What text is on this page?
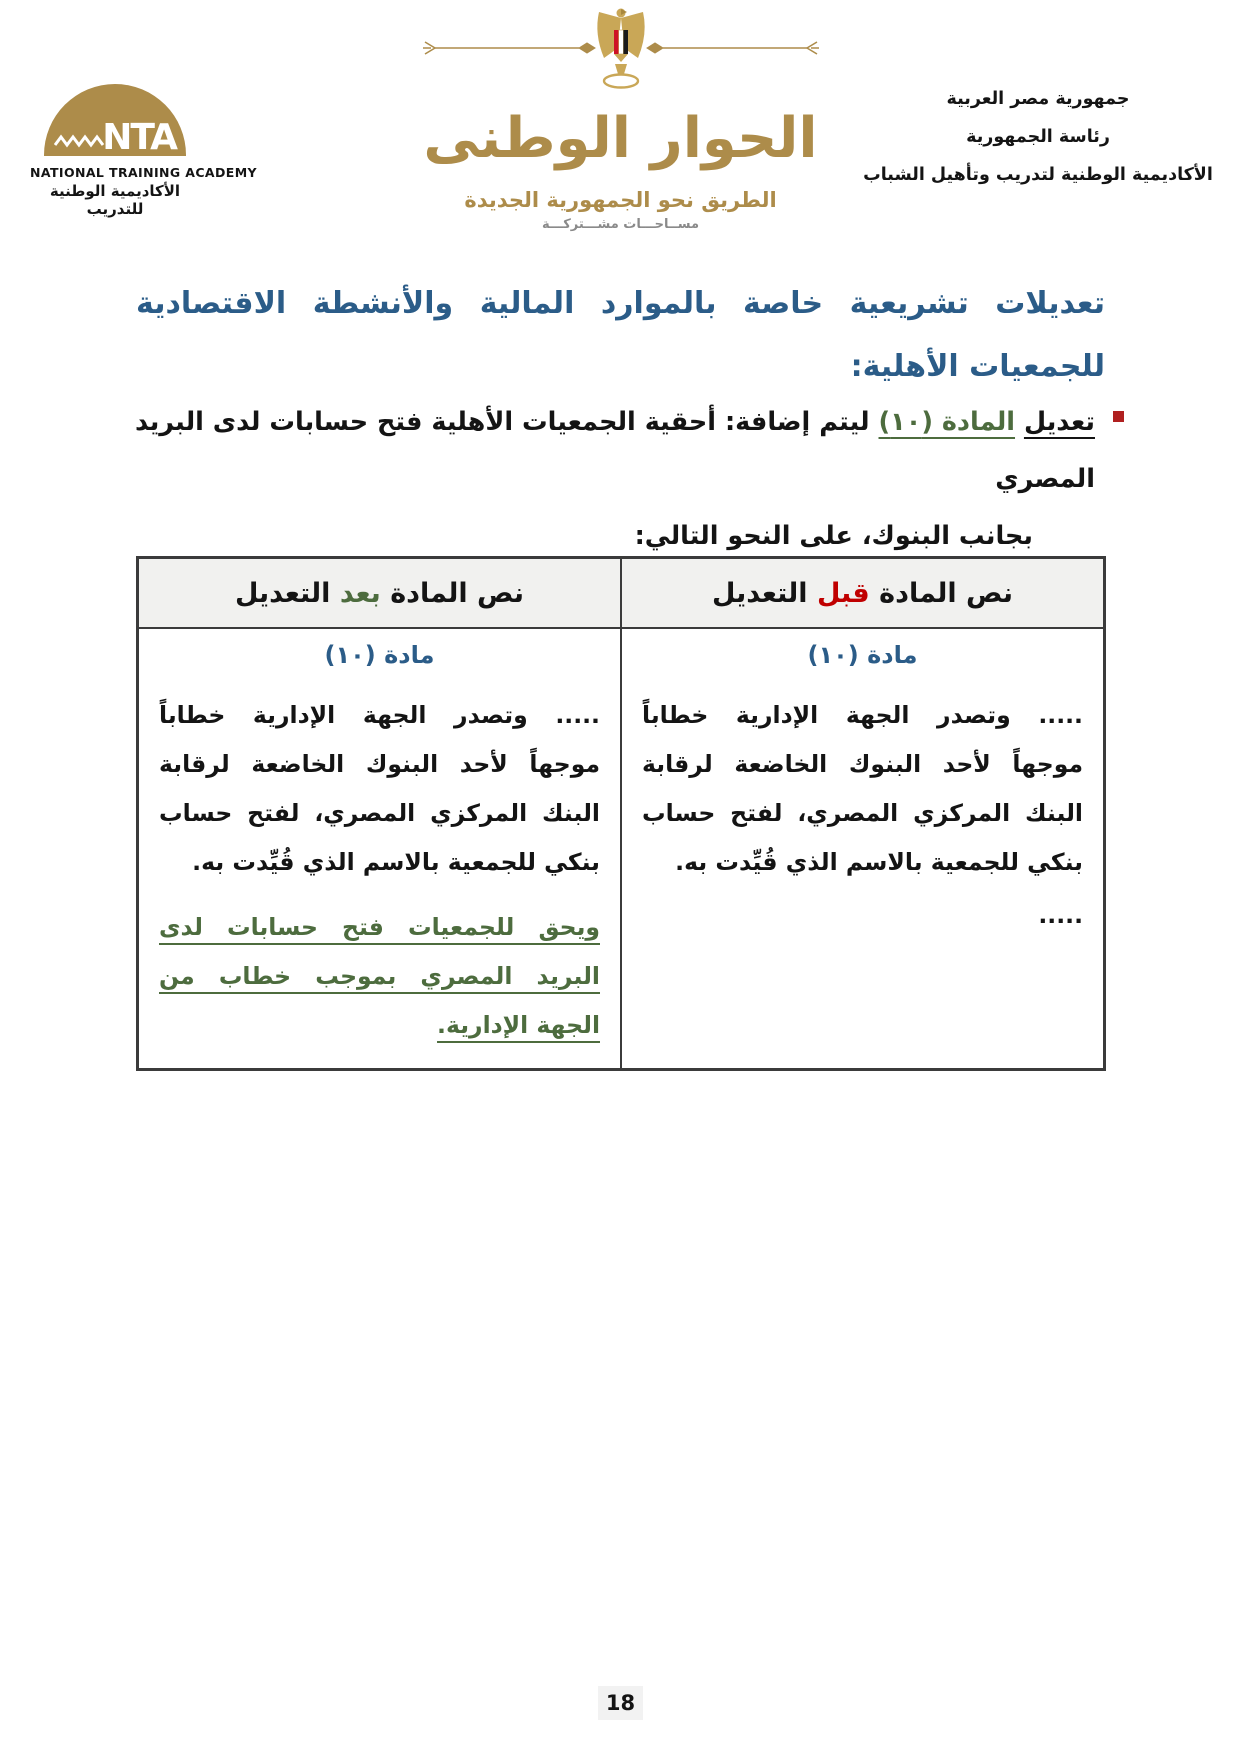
NTA
NATIONAL TRAINING ACADEMY
الأكاديمية الوطنية للتدريب
الحوار الوطنى
الطريق نحو الجمهورية الجديدة
مســاحـــات مشـــتركـــة
جمهورية مصر العربية
رئاسة الجمهورية
الأكاديمية الوطنية لتدريب وتأهيل الشباب
تعديلات تشريعية خاصة بالموارد المالية والأنشطة الاقتصادية للجمعيات الأهلية:
تعديل المادة (١٠) ليتم إضافة: أحقية الجمعيات الأهلية فتح حسابات لدى البريد المصري
بجانب البنوك، على النحو التالي:
نص المادة قبل التعديل	نص المادة بعد التعديل

مادة (١٠)
..... وتصدر الجهة الإدارية خطاباً موجهاً لأحد البنوك الخاضعة لرقابة البنك المركزي المصري، لفتح حساب بنكي للجمعية بالاسم الذي قُيِّدت به.
.....

مادة (١٠)
..... وتصدر الجهة الإدارية خطاباً موجهاً لأحد البنوك الخاضعة لرقابة البنك المركزي المصري، لفتح حساب بنكي للجمعية بالاسم الذي قُيِّدت به.
ويحق للجمعيات فتح حسابات لدى البريد المصري بموجب خطاب من الجهة الإدارية.
18
